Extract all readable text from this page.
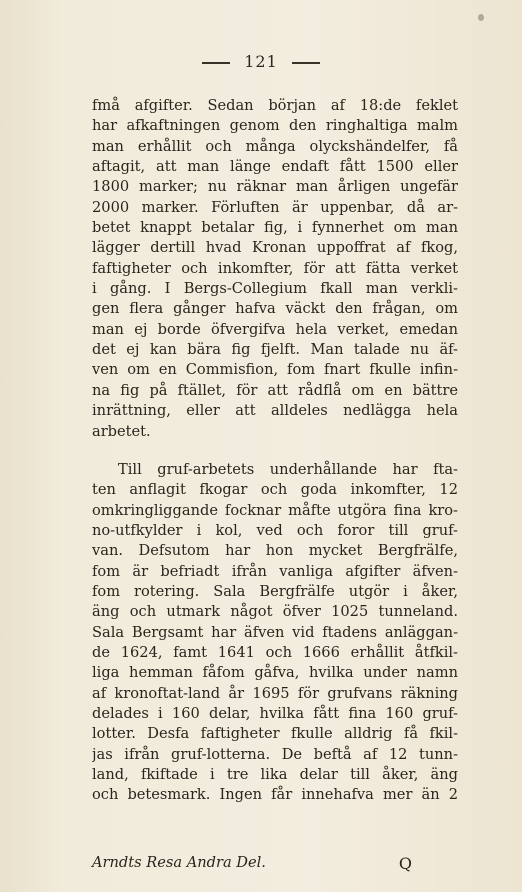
121
fmå afgifter. Sedan början af 18:de feklet
har afkaftningen genom den ringhaltiga malm
man erhållit och många olyckshändelfer, få
aftagit, att man länge endaft fått 1500 eller
1800 marker; nu räknar man årligen ungefär
2000 marker. Förluften är uppenbar, då ar-
betet knappt betalar fig, i fynnerhet om man
lägger dertill hvad Kronan uppoffrat af fkog,
faftigheter och inkomfter, för att fätta verket
i gång. I Bergs-Collegium fkall man verkli-
gen flera gånger hafva väckt den frågan, om
man ej borde öfvergifva hela verket, emedan
det ej kan bära fig fjelft. Man talade nu äf-
ven om en Commisfion, fom fnart fkulle infin-
na fig på ftället, för att rådflå om en bättre
inrättning, eller att alldeles nedlägga hela
arbetet.
Till gruf-arbetets underhållande har fta-
ten anflagit fkogar och goda inkomfter, 12
omkringliggande focknar måfte utgöra fina kro-
no-utfkylder i kol, ved och foror till gruf-
van. Defsutom har hon mycket Bergfrälfe,
fom är befriadt ifrån vanliga afgifter äfven-
fom rotering. Sala Bergfrälfe utgör i åker,
äng och utmark något öfver 1025 tunneland.
Sala Bergsamt har äfven vid ftadens anläggan-
de 1624, famt 1641 och 1666 erhållit åtfkil-
liga hemman fåfom gåfva, hvilka under namn
af kronoftat-land år 1695 för grufvans räkning
delades i 160 delar, hvilka fått fina 160 gruf-
lotter. Desfa faftigheter fkulle alldrig få fkil-
jas ifrån gruf-lotterna. De beftå af 12 tunn-
land, fkiftade i tre lika delar till åker, äng
och betesmark. Ingen får innehafva mer än 2
Arndts Resa Andra Del.	Q
